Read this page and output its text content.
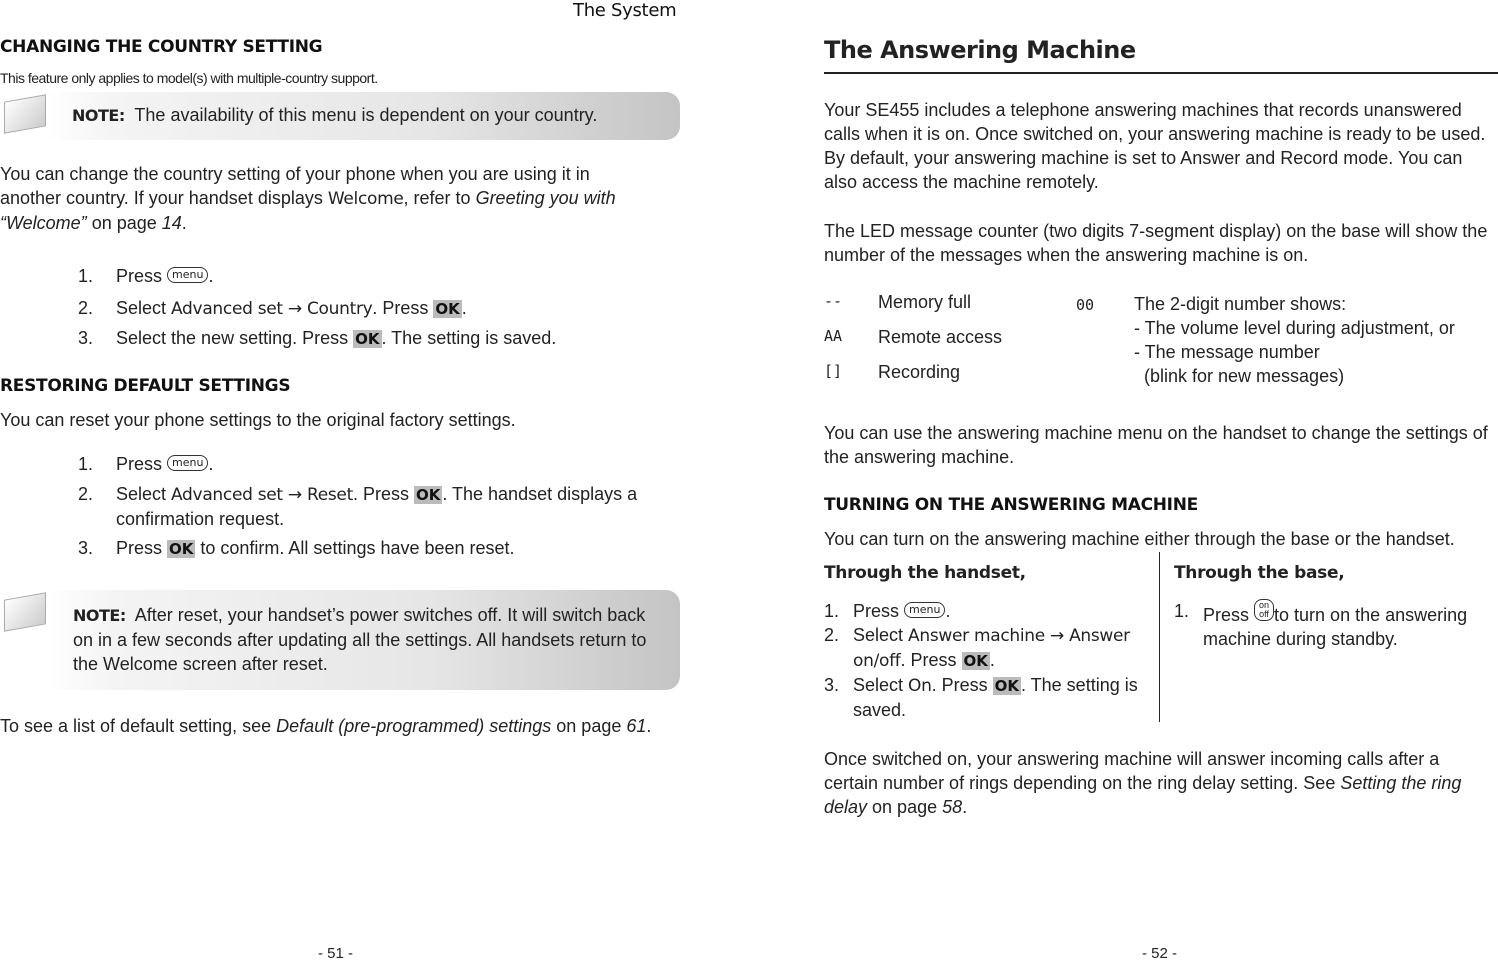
The System
CHANGING THE COUNTRY SETTING
This feature only applies to model(s) with multiple-country support.
NOTE: The availability of this menu is dependent on your country.
You can change the country setting of your phone when you are using it in another country. If your handset displays Welcome, refer to Greeting you with “Welcome” on page 14.
1.	Press menu .
2.	Select Advanced set → Country. Press OK .
3.	Select the new setting. Press OK . The setting is saved.
RESTORING DEFAULT SETTINGS
You can reset your phone settings to the original factory settings.
1.	Press menu .
2.	Select Advanced set → Reset. Press OK . The handset displays a confirmation request.
3.	Press OK to confirm. All settings have been reset.
NOTE: After reset, your handset’s power switches off. It will switch back on in a few seconds after updating all the settings. All handsets return to the Welcome screen after reset.
To see a list of default setting, see Default (pre-programmed) settings on page 61.
- 51 -
The Answering Machine
Your SE455 includes a telephone answering machines that records unanswered calls when it is on. Once switched on, your answering machine is ready to be used. By default, your answering machine is set to Answer and Record mode. You can also access the machine remotely.
The LED message counter (two digits 7-segment display) on the base will show the number of the messages when the answering machine is on.
--	Memory full
AA	Remote access
[]	Recording
00 The 2-digit number shows:
- The volume level during adjustment, or
- The message number
(blink for new messages)
You can use the answering machine menu on the handset to change the settings of the answering machine.
TURNING ON THE ANSWERING MACHINE
You can turn on the answering machine either through the base or the handset.
Through the handset,
1. Press menu .
2. Select Answer machine → Answer on/off. Press OK .
3. Select On. Press OK . The setting is saved.
Through the base,
1. Press on
off to turn on the answering machine during standby.
Once switched on, your answering machine will answer incoming calls after a certain number of rings depending on the ring delay setting. See Setting the ring delay on page 58.
- 52 -
